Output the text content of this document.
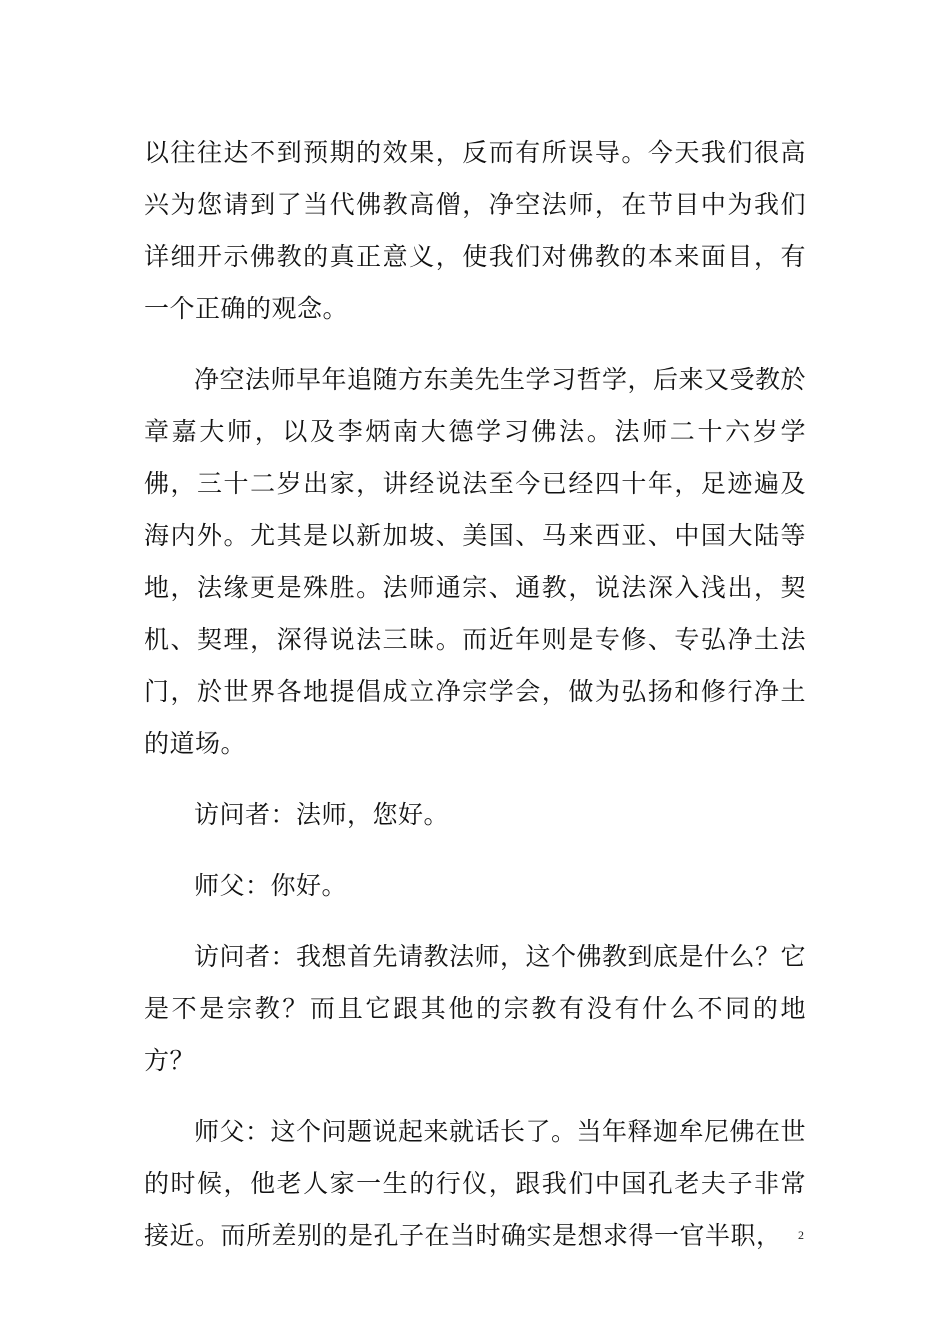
以往往达不到预期的效果，反而有所误导。今天我们很高兴为您请到了当代佛教高僧，净空法师，在节目中为我们详细开示佛教的真正意义，使我们对佛教的本来面目，有一个正确的观念。

净空法师早年追随方东美先生学习哲学，后来又受教於章嘉大师，以及李炳南大德学习佛法。法师二十六岁学佛，三十二岁出家，讲经说法至今已经四十年，足迹遍及海内外。尤其是以新加坡、美国、马来西亚、中国大陆等地，法缘更是殊胜。法师通宗、通教，说法深入浅出，契机、契理，深得说法三昧。而近年则是专修、专弘净土法门，於世界各地提倡成立净宗学会，做为弘扬和修行净土的道场。

访问者：法师，您好。

师父：你好。

访问者：我想首先请教法师，这个佛教到底是什么？它是不是宗教？而且它跟其他的宗教有没有什么不同的地方？

师父：这个问题说起来就话长了。当年释迦牟尼佛在世的时候，他老人家一生的行仪，跟我们中国孔老夫子非常接近。而所差别的是孔子在当时确实是想求得一官半职，	2
